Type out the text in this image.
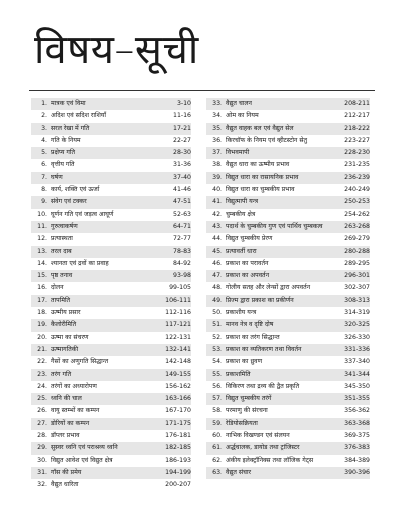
विषय–सूची
1. मात्रक एवं विमा	3-10
2. अदिश एवं सदिश राशियाँ	11-16
3. सरल रेखा में गति	17-21
4. गति के नियम	22-27
5. प्रक्षेप्य गति	28-30
6. वृत्तीय गति	31-36
7. घर्षण	37-40
8. कार्य, शक्ति एवं ऊर्जा	41-46
9. संवेग एवं टक्कर	47-51
10. घूर्णन गति एवं जड़त्व आघूर्ण	52-63
11. गुरुत्वाकर्षण	64-71
12. प्रत्यास्थता	72-77
13. तरल दाब	78-83
14. श्यानता एवं द्रवों का प्रवाह	84-92
15. पृष्ठ तनाव	93-98
16. दोलन	99-105
17. तापमिति	106-111
18. ऊष्मीय प्रसार	112-116
19. कैलोरीमिति	117-121
20. ऊष्मा का संचरण	122-131
21. ऊष्मागतिकी	132-141
22. गैसों का अणुगति सिद्धान्त	142-148
23. तरंग गति	149-155
24. तरंगों का अध्यारोपण	156-162
25. ध्वनि की चाल	163-166
26. वायु स्तम्भों का कम्पन	167-170
27. डोरियों का कम्पन	171-175
28. डॉप्लर प्रभाव	176-181
29. सुस्वर ध्वनि एवं पराश्रव्य ध्वनि	182-185
30. विद्युत आवेश एवं विद्युत क्षेत्र	186-193
31. गॉस की प्रमेय	194-199
32. वैद्युत धारिता	200-207
33. वैद्युत चालन	208-211
34. ओम का नियम	212-217
35. वैद्युत वाहक बल एवं वैद्युत सेल	218-222
36. किरचॉफ के नियम एवं व्हीटस्टोन सेतु	223-227
37. विभवमापी	228-230
38. वैद्युत धारा का ऊष्मीय प्रभाव	231-235
39. विद्युत धारा का रासायनिक प्रभाव	236-239
40. विद्युत धारा का चुम्बकीय प्रभाव	240-249
41. विद्युत्मापी यन्त्र	250-253
42. चुम्बकीय क्षेत्र	254-262
43. पदार्थ के चुम्बकीय गुण एवं पार्थिव चुम्बकत्व	263-268
44. विद्युत चुम्बकीय प्रेरण	269-279
45. प्रत्यावर्ती धारा	280-288
46. प्रकाश का परावर्तन	289-295
47. प्रकाश का अपवर्तन	296-301
48. गोलीय सतह और लेन्सों द्वारा अपवर्तन	302-307
49. प्रिज्म द्वारा प्रकाश का प्रकीर्णन	308-313
50. प्रकाशीय यन्त्र	314-319
51. मानव नेत्र व दृष्टि दोष	320-325
52. प्रकाश का तरंग सिद्धान्त	326-330
53. प्रकाश का व्यतिकरण तथा विवर्तन	331-336
54. प्रकाश का ध्रुवण	337-340
55. प्रकाशमिति	341-344
56. विकिरण तथा द्रव्य की द्वैत प्रकृति	345-350
57. विद्युत चुम्बकीय तरंगें	351-355
58. परमाणु की संरचना	356-362
59. रेडियोसक्रियता	363-368
60. नाभिक विखण्डन एवं संलयन	369-375
61. अर्द्धचालक, डायोड तथा ट्रांजिस्टर	376-383
62. अंकीय इलेक्ट्रॉनिक्स तथा लॉजिक गेट्स	384-389
63. वैद्युत संचार	390-396
